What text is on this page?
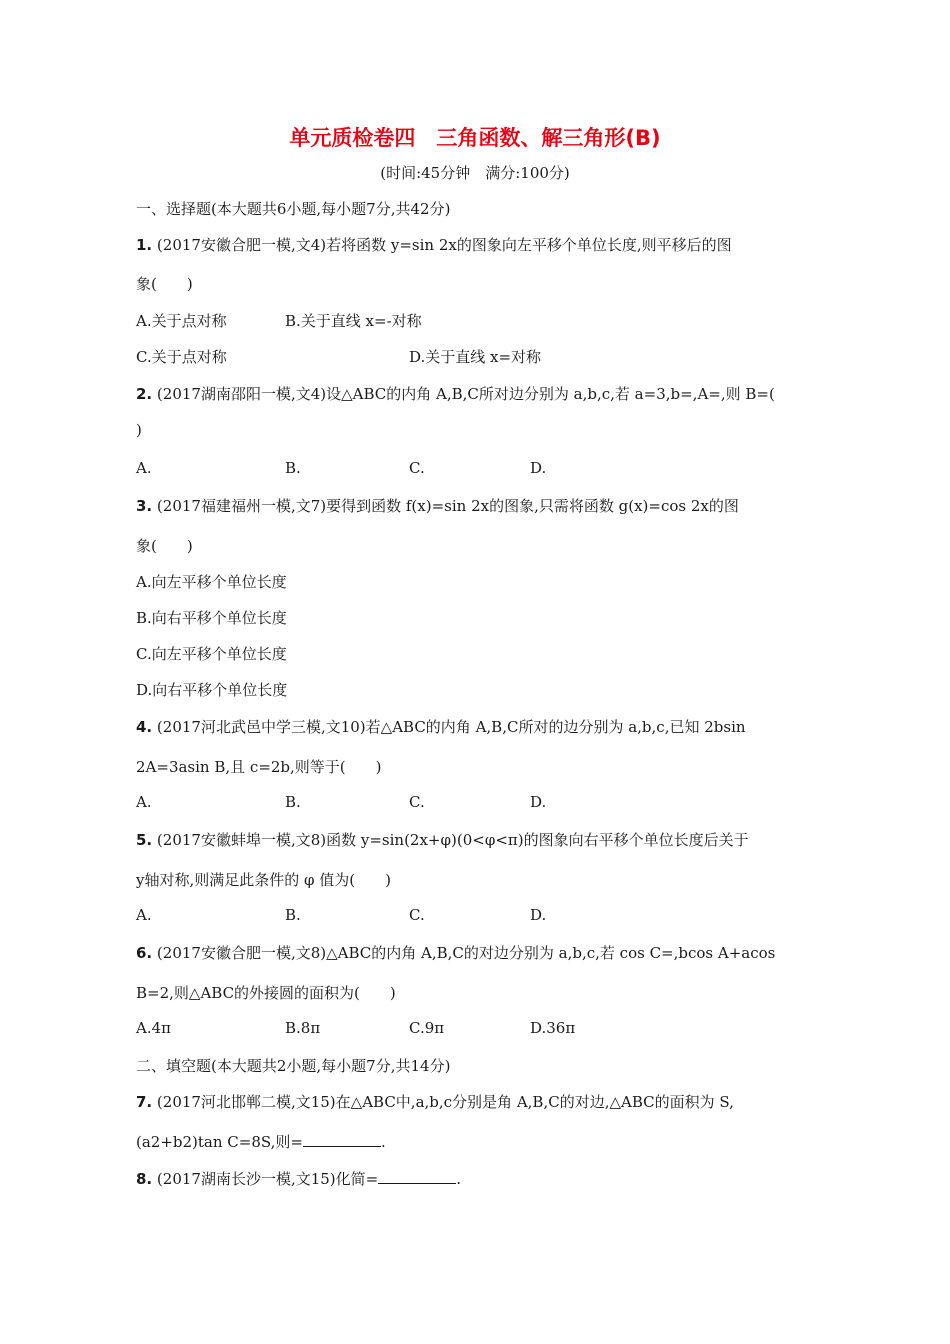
单元质检卷四　三角函数、解三角形(B)
(时间:45分钟　满分:100分)
一、选择题(本大题共6小题,每小题7分,共42分)
1. (2017安徽合肥一模,文4)若将函数 y=sin 2x的图象向左平移个单位长度,则平移后的图
象(　　)
A.关于点对称	B.关于直线 x=-对称
C.关于点对称	D.关于直线 x=对称
2. (2017湖南邵阳一模,文4)设△ABC的内角 A,B,C所对边分别为 a,b,c,若 a=3,b=,A=,则 B=(
)
A.	B.	C.	D.
3. (2017福建福州一模,文7)要得到函数 f(x)=sin 2x的图象,只需将函数 g(x)=cos 2x的图
象(　　)
A.向左平移个单位长度
B.向右平移个单位长度
C.向左平移个单位长度
D.向右平移个单位长度
4. (2017河北武邑中学三模,文10)若△ABC的内角 A,B,C所对的边分别为 a,b,c,已知 2bsin
2A=3asin B,且 c=2b,则等于(　　)
A.	B.	C.	D.
5. (2017安徽蚌埠一模,文8)函数 y=sin(2x+φ)(0<φ<π)的图象向右平移个单位长度后关于
y轴对称,则满足此条件的 φ 值为(　　)
A.	B.	C.	D.
6. (2017安徽合肥一模,文8)△ABC的内角 A,B,C的对边分别为 a,b,c,若 cos C=,bcos A+acos
B=2,则△ABC的外接圆的面积为(　　)
A.4π	B.8π	C.9π	D.36π
二、填空题(本大题共2小题,每小题7分,共14分)
7. (2017河北邯郸二模,文15)在△ABC中,a,b,c分别是角 A,B,C的对边,△ABC的面积为 S,
(a2+b2)tan C=8S,则=	.
8. (2017湖南长沙一模,文15)化简=	.
